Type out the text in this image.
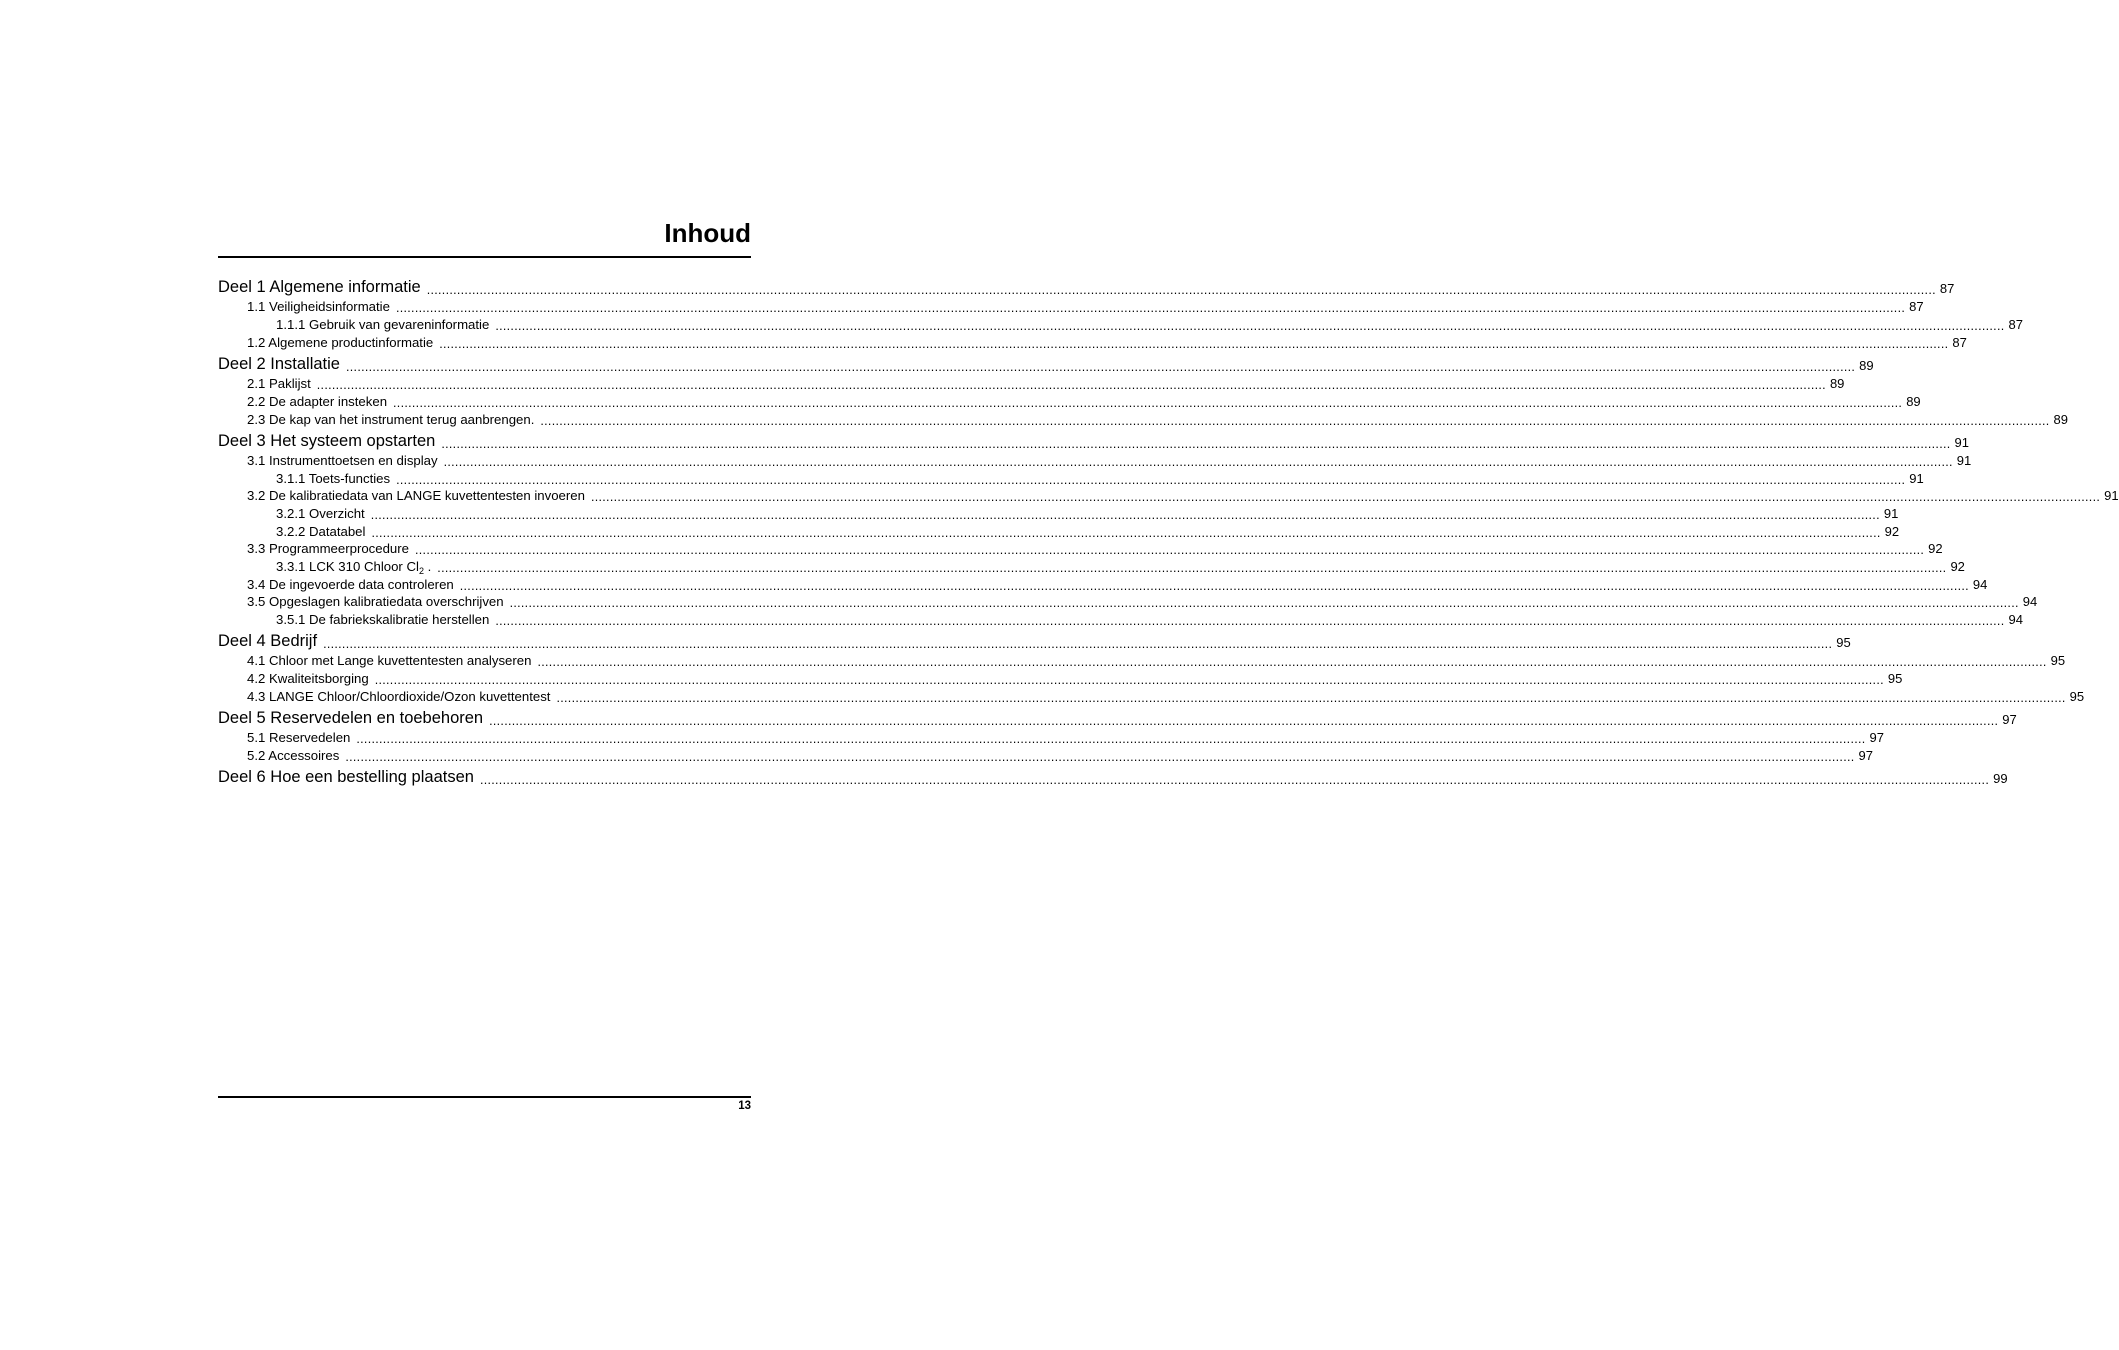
Inhoud
Deel 1 Algemene informatie ................................................................................................................................................................................................................................................................................................................................................................................................................ 87
1.1 Veiligheidsinformatie ................................................................................................................................................................................................................................................................................................................................................................................................................ 87
1.1.1 Gebruik van gevareninformatie ................................................................................................................................................................................................................................................................................................................................................................................................................ 87
1.2 Algemene productinformatie ................................................................................................................................................................................................................................................................................................................................................................................................................ 87
Deel 2 Installatie ................................................................................................................................................................................................................................................................................................................................................................................................................ 89
2.1 Paklijst ................................................................................................................................................................................................................................................................................................................................................................................................................ 89
2.2 De adapter insteken ................................................................................................................................................................................................................................................................................................................................................................................................................ 89
2.3 De kap van het instrument terug aanbrengen. ................................................................................................................................................................................................................................................................................................................................................................................................................ 89
Deel 3 Het systeem opstarten ................................................................................................................................................................................................................................................................................................................................................................................................................ 91
3.1 Instrumenttoetsen en display ................................................................................................................................................................................................................................................................................................................................................................................................................ 91
3.1.1 Toets-functies ................................................................................................................................................................................................................................................................................................................................................................................................................ 91
3.2 De kalibratiedata van LANGE kuvettentesten invoeren ................................................................................................................................................................................................................................................................................................................................................................................................................ 91
3.2.1 Overzicht ................................................................................................................................................................................................................................................................................................................................................................................................................ 91
3.2.2 Datatabel ................................................................................................................................................................................................................................................................................................................................................................................................................ 92
3.3 Programmeerprocedure ................................................................................................................................................................................................................................................................................................................................................................................................................ 92
3.3.1 LCK 310 Chloor $Cl_2$ . ................................................................................................................................................................................................................................................................................................................................................................................................................ 92
3.4 De ingevoerde data controleren ................................................................................................................................................................................................................................................................................................................................................................................................................ 94
3.5 Opgeslagen kalibratiedata overschrijven ................................................................................................................................................................................................................................................................................................................................................................................................................ 94
3.5.1 De fabriekskalibratie herstellen ................................................................................................................................................................................................................................................................................................................................................................................................................ 94
Deel 4 Bedrijf ................................................................................................................................................................................................................................................................................................................................................................................................................ 95
4.1 Chloor met Lange kuvettentesten analyseren ................................................................................................................................................................................................................................................................................................................................................................................................................ 95
4.2 Kwaliteitsborging ................................................................................................................................................................................................................................................................................................................................................................................................................ 95
4.3 LANGE Chloor/Chloordioxide/Ozon kuvettentest ................................................................................................................................................................................................................................................................................................................................................................................................................ 95
Deel 5 Reservedelen en toebehoren ................................................................................................................................................................................................................................................................................................................................................................................................................ 97
5.1 Reservedelen ................................................................................................................................................................................................................................................................................................................................................................................................................ 97
5.2 Accessoires ................................................................................................................................................................................................................................................................................................................................................................................................................ 97
Deel 6 Hoe een bestelling plaatsen ................................................................................................................................................................................................................................................................................................................................................................................................................ 99
13
